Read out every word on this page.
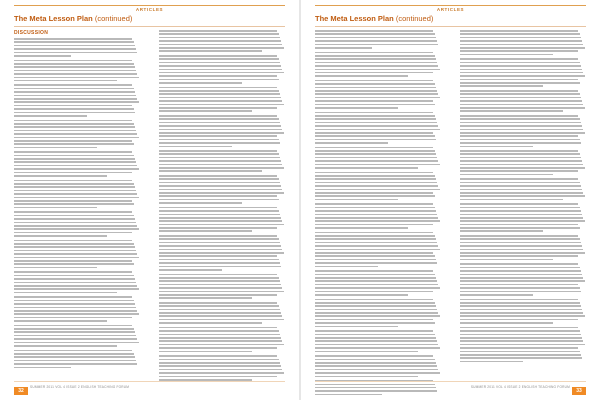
ARTICLES
The Meta Lesson Plan (continued)
DISCUSSION
SUMMER 2011 VOL 4 ISSUE 2 ENGLISH TEACHING FORUM
32
ARTICLES
The Meta Lesson Plan (continued)
SUMMER 2011 VOL 4 ISSUE 2 ENGLISH TEACHING FORUM
33
